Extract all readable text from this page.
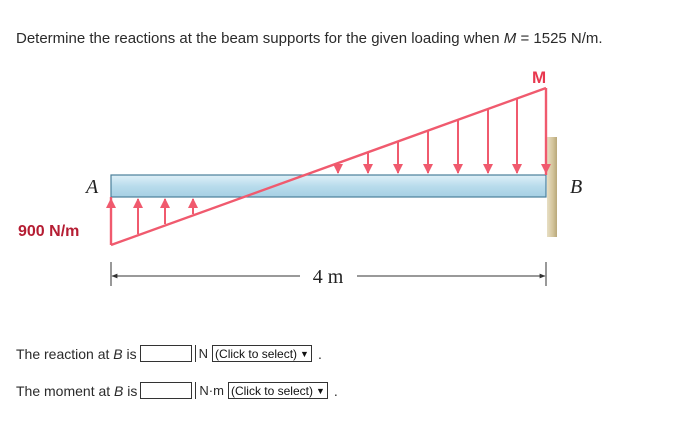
Determine the reactions at the beam supports for the given loading when M = 1525 N/m.
M
A	B
900 N/m
4 m
The reaction at
B
is	N (Click to select) ▼ .
The moment at
B
is	N·m (Click to select) ▼ .
